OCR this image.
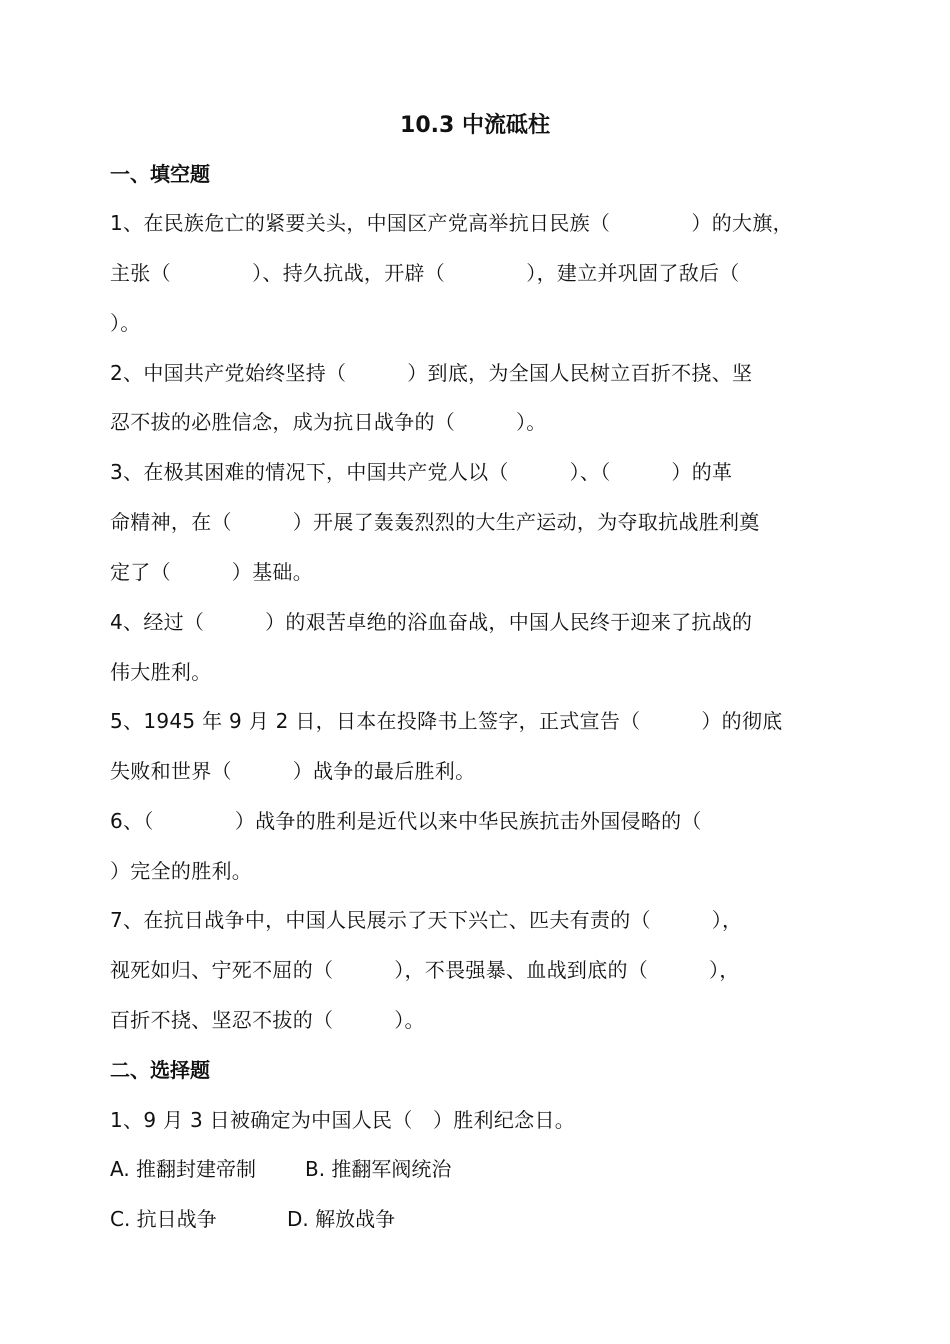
10.3 中流砥柱
一、填空题

1、在民族危亡的紧要关头，中国区产党高举抗日民族（　　　　）的大旗，

主张（　　　　）、持久抗战，开辟（　　　　），建立并巩固了敌后（

）。

2、中国共产党始终坚持（　　　）到底，为全国人民树立百折不挠、坚

忍不拔的必胜信念，成为抗日战争的（　　　）。

3、在极其困难的情况下，中国共产党人以（　　　）、（　　　）的革

命精神，在（　　　）开展了轰轰烈烈的大生产运动，为夺取抗战胜利奠

定了（　　　）基础。

4、经过（　　　）的艰苦卓绝的浴血奋战，中国人民终于迎来了抗战的

伟大胜利。

5、1945 年 9 月 2 日，日本在投降书上签字，正式宣告（　　　）的彻底

失败和世界（　　　）战争的最后胜利。

6、（　　　　）战争的胜利是近代以来中华民族抗击外国侵略的（

）完全的胜利。

7、在抗日战争中，中国人民展示了天下兴亡、匹夫有责的（　　　），

视死如归、宁死不屈的（　　　），不畏强暴、血战到底的（　　　），

百折不挠、坚忍不拔的（　　　）。

二、选择题

1、9 月 3 日被确定为中国人民（　）胜利纪念日。

A. 推翻封建帝制 B. 推翻军阀统治

C. 抗日战争	D. 解放战争
